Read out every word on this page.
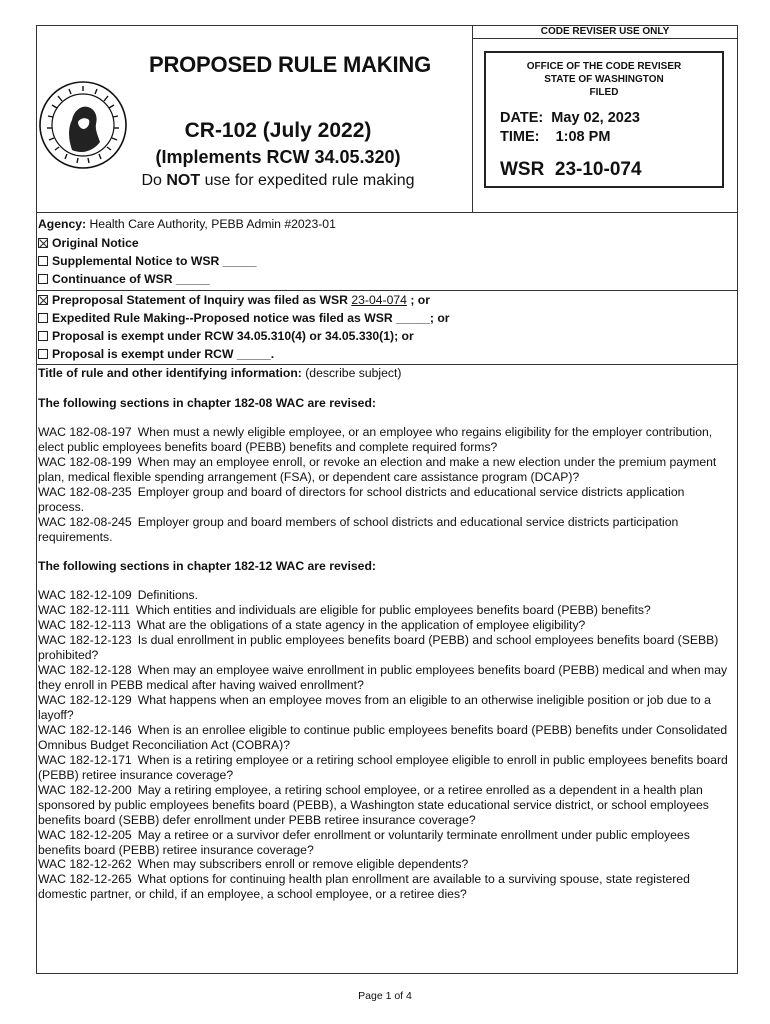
CODE REVISER USE ONLY
OFFICE OF THE CODE REVISER
STATE OF WASHINGTON
FILED
DATE: May 02, 2023
TIME: 1:08 PM
WSR 23-10-074
PROPOSED RULE MAKING
CR-102 (July 2022)
(Implements RCW 34.05.320)
Do NOT use for expedited rule making
Agency: Health Care Authority, PEBB Admin #2023-01
Original Notice
Supplemental Notice to WSR _____
Continuance of WSR _____
Preproposal Statement of Inquiry was filed as WSR 23-04-074 ; or
Expedited Rule Making--Proposed notice was filed as WSR _____; or
Proposal is exempt under RCW 34.05.310(4) or 34.05.330(1); or
Proposal is exempt under RCW _____.
Title of rule and other identifying information: (describe subject)
The following sections in chapter 182-08 WAC are revised:
WAC 182-08-197 When must a newly eligible employee, or an employee who regains eligibility for the employer contribution, elect public employees benefits board (PEBB) benefits and complete required forms?
WAC 182-08-199 When may an employee enroll, or revoke an election and make a new election under the premium payment plan, medical flexible spending arrangement (FSA), or dependent care assistance program (DCAP)?
WAC 182-08-235 Employer group and board of directors for school districts and educational service districts application process.
WAC 182-08-245 Employer group and board members of school districts and educational service districts participation requirements.
The following sections in chapter 182-12 WAC are revised:
WAC 182-12-109 Definitions.
WAC 182-12-111 Which entities and individuals are eligible for public employees benefits board (PEBB) benefits?
WAC 182-12-113 What are the obligations of a state agency in the application of employee eligibility?
WAC 182-12-123 Is dual enrollment in public employees benefits board (PEBB) and school employees benefits board (SEBB) prohibited?
WAC 182-12-128 When may an employee waive enrollment in public employees benefits board (PEBB) medical and when may they enroll in PEBB medical after having waived enrollment?
WAC 182-12-129 What happens when an employee moves from an eligible to an otherwise ineligible position or job due to a layoff?
WAC 182-12-146 When is an enrollee eligible to continue public employees benefits board (PEBB) benefits under Consolidated Omnibus Budget Reconciliation Act (COBRA)?
WAC 182-12-171 When is a retiring employee or a retiring school employee eligible to enroll in public employees benefits board (PEBB) retiree insurance coverage?
WAC 182-12-200 May a retiring employee, a retiring school employee, or a retiree enrolled as a dependent in a health plan sponsored by public employees benefits board (PEBB), a Washington state educational service district, or school employees benefits board (SEBB) defer enrollment under PEBB retiree insurance coverage?
WAC 182-12-205 May a retiree or a survivor defer enrollment or voluntarily terminate enrollment under public employees benefits board (PEBB) retiree insurance coverage?
WAC 182-12-262 When may subscribers enroll or remove eligible dependents?
WAC 182-12-265 What options for continuing health plan enrollment are available to a surviving spouse, state registered domestic partner, or child, if an employee, a school employee, or a retiree dies?
Page 1 of 4
